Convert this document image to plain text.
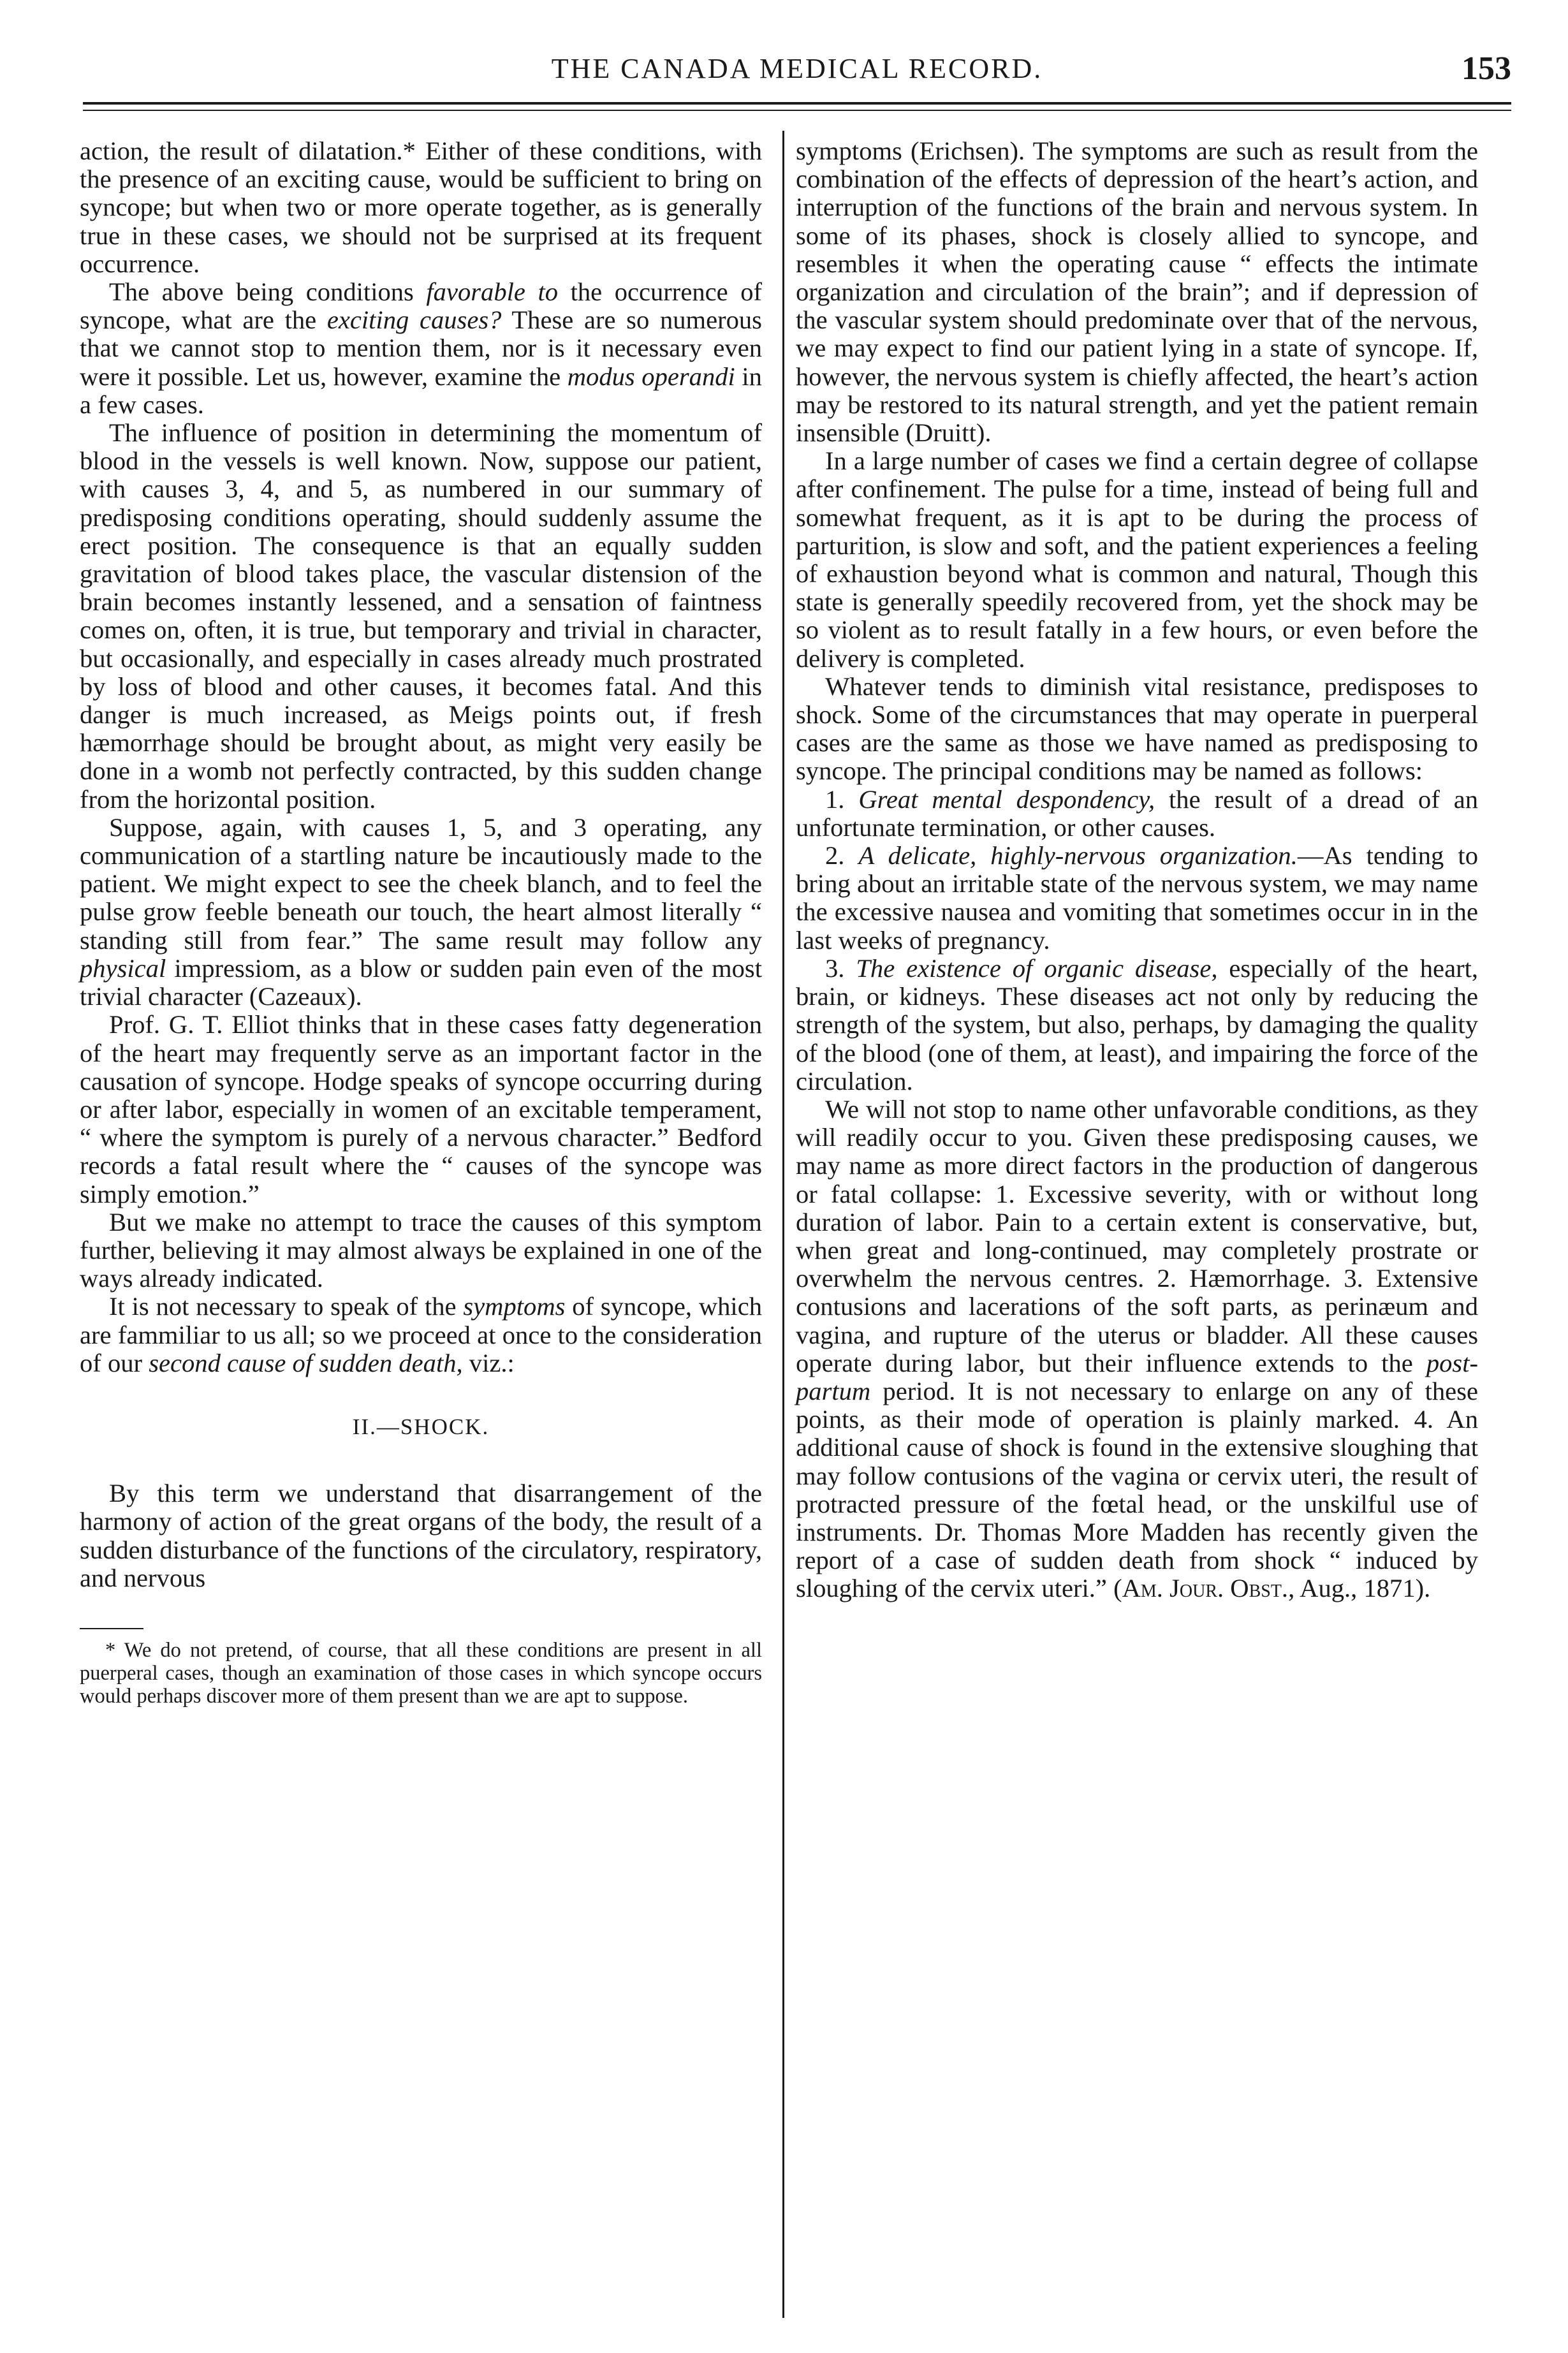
THE CANADA MEDICAL RECORD.	153

action, the result of dilatation.* Either of these conditions, with the presence of an exciting cause, would be sufficient to bring on syncope; but when two or more operate together, as is generally true in these cases, we should not be surprised at its frequent occurrence.

The above being conditions favorable to the occurrence of syncope, what are the exciting causes? These are so numerous that we cannot stop to mention them, nor is it necessary even were it possible. Let us, however, examine the modus operandi in a few cases.

The influence of position in determining the momentum of blood in the vessels is well known. Now, suppose our patient, with causes 3, 4, and 5, as numbered in our summary of predisposing conditions operating, should suddenly assume the erect position. The consequence is that an equally sudden gravitation of blood takes place, the vascular distension of the brain becomes instantly lessened, and a sensation of faintness comes on, often, it is true, but temporary and trivial in character, but occasionally, and especially in cases already much prostrated by loss of blood and other causes, it becomes fatal. And this danger is much increased, as Meigs points out, if fresh hæmorrhage should be brought about, as might very easily be done in a womb not perfectly contracted, by this sudden change from the horizontal position.

Suppose, again, with causes 1, 5, and 3 operating, any communication of a startling nature be incautiously made to the patient. We might expect to see the cheek blanch, and to feel the pulse grow feeble beneath our touch, the heart almost literally “ standing still from fear.” The same result may follow any physical impressiom, as a blow or sudden pain even of the most trivial character (Cazeaux).

Prof. G. T. Elliot thinks that in these cases fatty degeneration of the heart may frequently serve as an important factor in the causation of syncope. Hodge speaks of syncope occurring during or after labor, especially in women of an excitable temperament, “ where the symptom is purely of a nervous character.” Bedford records a fatal result where the “ causes of the syncope was simply emotion.”

But we make no attempt to trace the causes of this symptom further, believing it may almost always be explained in one of the ways already indicated.

It is not necessary to speak of the symptoms of syncope, which are fammiliar to us all; so we proceed at once to the consideration of our second cause of sudden death, viz.:

II.—SHOCK.

By this term we understand that disarrangement of the harmony of action of the great organs of the body, the result of a sudden disturbance of the functions of the circulatory, respiratory, and nervous

* We do not pretend, of course, that all these conditions are present in all puerperal cases, though an examination of those cases in which syncope occurs would perhaps discover more of them present than we are apt to suppose.

symptoms (Erichsen). The symptoms are such as result from the combination of the effects of depression of the heart’s action, and interruption of the functions of the brain and nervous system. In some of its phases, shock is closely allied to syncope, and resembles it when the operating cause “ effects the intimate organization and circulation of the brain”; and if depression of the vascular system should predominate over that of the nervous, we may expect to find our patient lying in a state of syncope. If, however, the nervous system is chiefly affected, the heart’s action may be restored to its natural strength, and yet the patient remain insensible (Druitt).

In a large number of cases we find a certain degree of collapse after confinement. The pulse for a time, instead of being full and somewhat frequent, as it is apt to be during the process of parturition, is slow and soft, and the patient experiences a feeling of exhaustion beyond what is common and natural, Though this state is generally speedily recovered from, yet the shock may be so violent as to result fatally in a few hours, or even before the delivery is completed.

Whatever tends to diminish vital resistance, predisposes to shock. Some of the circumstances that may operate in puerperal cases are the same as those we have named as predisposing to syncope. The principal conditions may be named as follows:

1. Great mental despondency, the result of a dread of an unfortunate termination, or other causes.

2. A delicate, highly-nervous organization.—As tending to bring about an irritable state of the nervous system, we may name the excessive nausea and vomiting that sometimes occur in in the last weeks of pregnancy.

3. The existence of organic disease, especially of the heart, brain, or kidneys. These diseases act not only by reducing the strength of the system, but also, perhaps, by damaging the quality of the blood (one of them, at least), and impairing the force of the circulation.

We will not stop to name other unfavorable conditions, as they will readily occur to you. Given these predisposing causes, we may name as more direct factors in the production of dangerous or fatal collapse: 1. Excessive severity, with or without long duration of labor. Pain to a certain extent is conservative, but, when great and long-continued, may completely prostrate or overwhelm the nervous centres. 2. Hæmorrhage. 3. Extensive contusions and lacerations of the soft parts, as perinæum and vagina, and rupture of the uterus or bladder. All these causes operate during labor, but their influence extends to the post-partum period. It is not necessary to enlarge on any of these points, as their mode of operation is plainly marked. 4. An additional cause of shock is found in the extensive sloughing that may follow contusions of the vagina or cervix uteri, the result of protracted pressure of the fœtal head, or the unskilful use of instruments. Dr. Thomas More Madden has recently given the report of a case of sudden death from shock “ induced by sloughing of the cervix uteri.” (Am. Jour. Obst., Aug., 1871).
